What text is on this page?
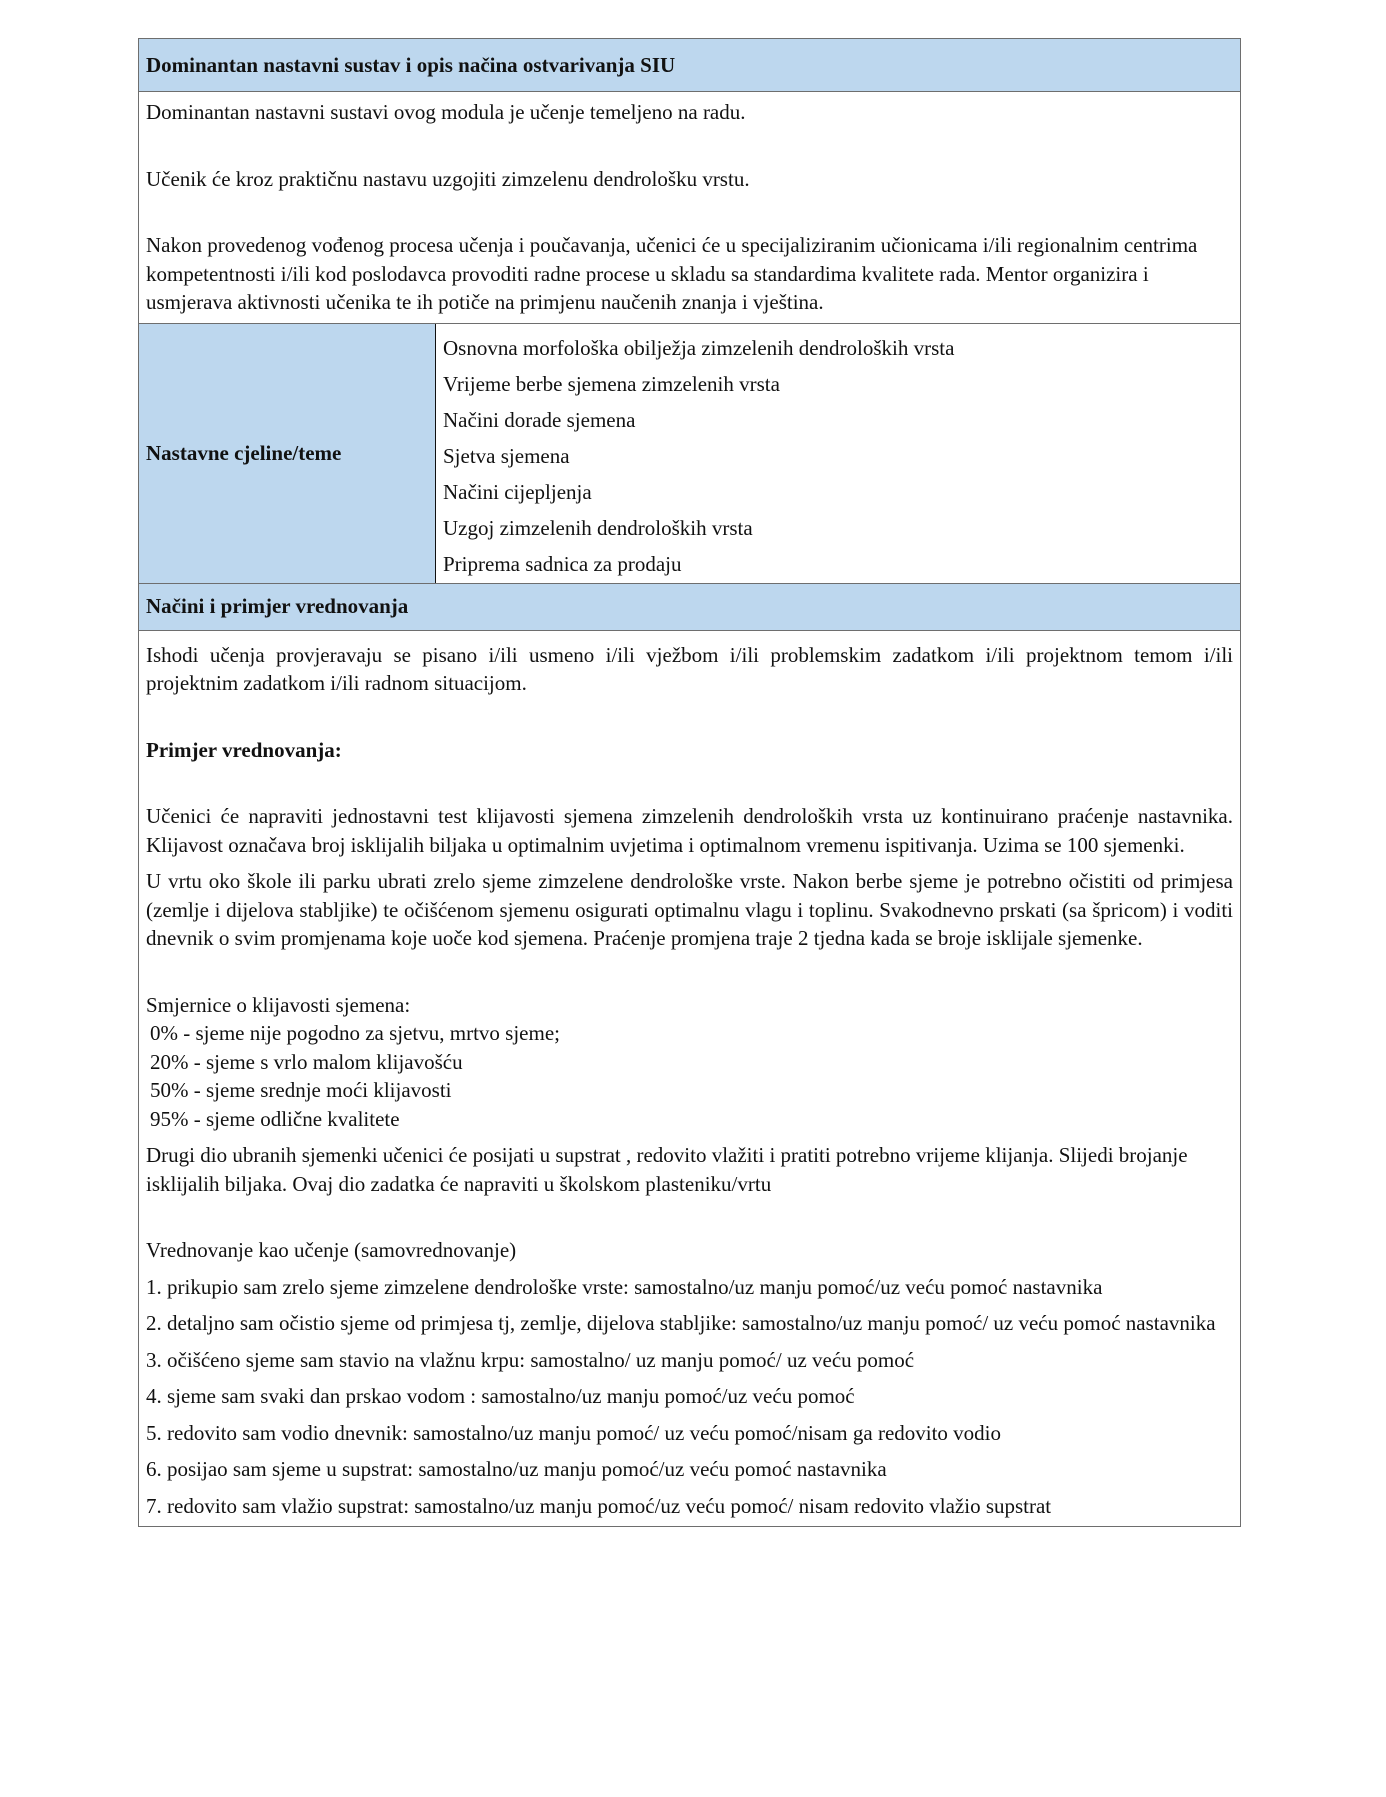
Dominantan nastavni sustav i opis načina ostvarivanja SIU

Dominantan nastavni sustavi ovog modula je učenje temeljeno na radu.

Učenik će kroz praktičnu nastavu uzgojiti zimzelenu dendrološku vrstu.

Nakon provedenog vođenog procesa učenja i poučavanja, učenici će u specijaliziranim učionicama i/ili regionalnim centrima kompetentnosti i/ili kod poslodavca provoditi radne procese u skladu sa standardima kvalitete rada. Mentor organizira i usmjerava aktivnosti učenika te ih potiče na primjenu naučenih znanja i vještina.

Nastavne cjeline/teme
Osnovna morfološka obilježja zimzelenih dendroloških vrsta
Vrijeme berbe sjemena zimzelenih vrsta
Načini dorade sjemena
Sjetva sjemena
Načini cijepljenja
Uzgoj zimzelenih dendroloških vrsta
Priprema sadnica za prodaju
Načini i primjer vrednovanja

Ishodi učenja provjeravaju se pisano i/ili usmeno i/ili vježbom i/ili problemskim zadatkom i/ili projektnom temom i/ili projektnim zadatkom i/ili radnom situacijom.

Primjer vrednovanja:

Učenici će napraviti jednostavni test klijavosti sjemena zimzelenih dendroloških vrsta uz kontinuirano praćenje nastavnika. Klijavost označava broj isklijalih biljaka u optimalnim uvjetima i optimalnom vremenu ispitivanja. Uzima se 100 sjemenki.

U vrtu oko škole ili parku ubrati zrelo sjeme zimzelene dendrološke vrste. Nakon berbe sjeme je potrebno očistiti od primjesa (zemlje i dijelova stabljike) te očišćenom sjemenu osigurati optimalnu vlagu i toplinu. Svakodnevno prskati (sa špricom) i voditi dnevnik o svim promjenama koje uoče kod sjemena. Praćenje promjena traje 2 tjedna kada se broje isklijale sjemenke.

Smjernice o klijavosti sjemena:

0% - sjeme nije pogodno za sjetvu, mrtvo sjeme;
20% - sjeme s vrlo malom klijavošću
50% - sjeme srednje moći klijavosti
95% - sjeme odlične kvalitete

Drugi dio ubranih sjemenki učenici će posijati u supstrat , redovito vlažiti i pratiti potrebno vrijeme klijanja. Slijedi brojanje isklijalih biljaka. Ovaj dio zadatka će napraviti u školskom plasteniku/vrtu

Vrednovanje kao učenje (samovrednovanje)

1. prikupio sam zrelo sjeme zimzelene dendrološke vrste: samostalno/uz manju pomoć/uz veću pomoć nastavnika
2. detaljno sam očistio sjeme od primjesa tj, zemlje, dijelova stabljike: samostalno/uz manju pomoć/ uz veću pomoć nastavnika
3. očišćeno sjeme sam stavio na vlažnu krpu: samostalno/ uz manju pomoć/ uz veću pomoć
4. sjeme sam svaki dan prskao vodom : samostalno/uz manju pomoć/uz veću pomoć
5. redovito sam vodio dnevnik: samostalno/uz manju pomoć/ uz veću pomoć/nisam ga redovito vodio
6. posijao sam sjeme u supstrat: samostalno/uz manju pomoć/uz veću pomoć nastavnika
7. redovito sam vlažio supstrat: samostalno/uz manju pomoć/uz veću pomoć/ nisam redovito vlažio supstrat
